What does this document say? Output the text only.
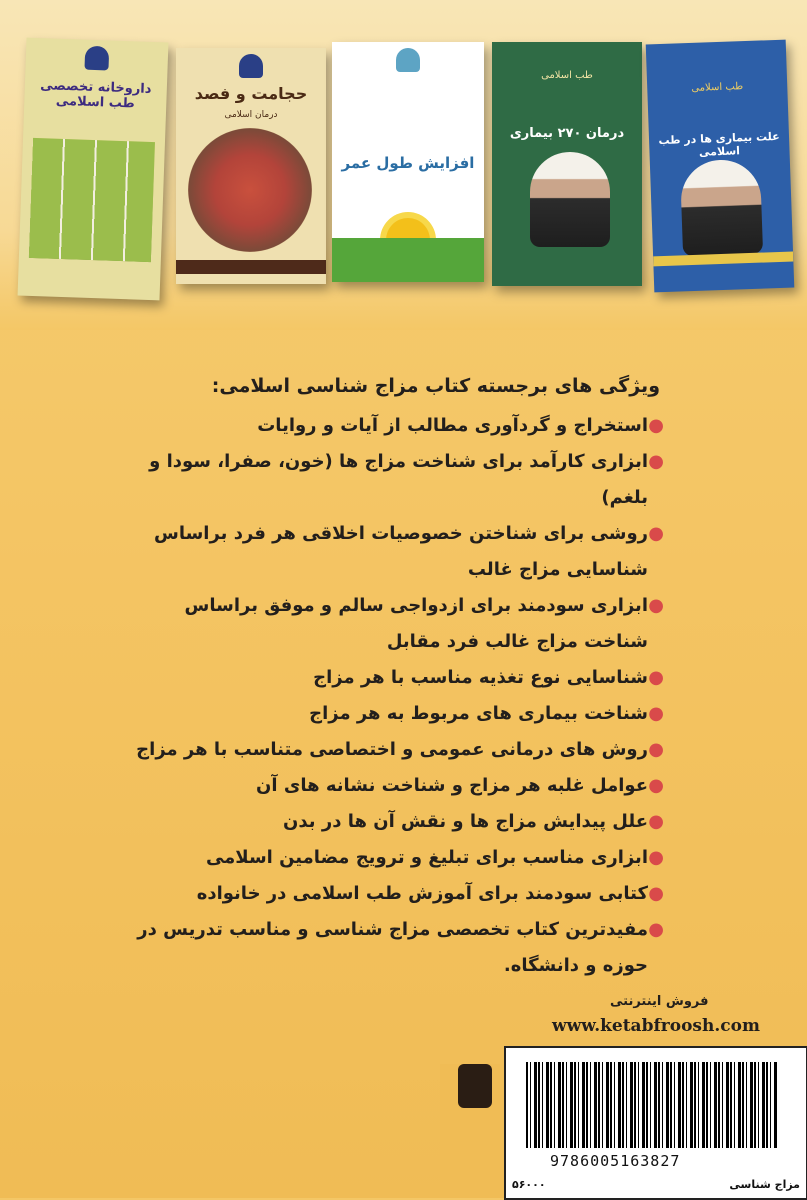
داروخانه تخصصی طب اسلامی	حجامت و فصد
درمان اسلامی
افزایش طول عمر
طب اسلامی
درمان ۲۷۰ بیماری
طب اسلامی
علت بیماری ها در طب اسلامی
ویژگی های برجسته کتاب مزاج شناسی اسلامی:
●
استخراج و گردآوری مطالب از آیات و روایات
●
ابزاری کارآمد برای شناخت مزاج ها (خون، صفرا، سودا و بلغم)
●
روشی برای شناختن خصوصیات اخلاقی هر فرد براساس شناسایی مزاج غالب
●
ابزاری سودمند برای ازدواجی سالم و موفق براساس شناخت مزاج غالب فرد مقابل
●
شناسایی نوع تغذیه مناسب با هر مزاج
●
شناخت بیماری های مربوط به هر مزاج
●
روش های درمانی عمومی و اختصاصی متناسب با هر مزاج
●
عوامل غلبه هر مزاج و شناخت نشانه های آن
●
علل پیدایش مزاج ها و نقش آن ها در بدن
●
ابزاری مناسب برای تبلیغ و ترویج مضامین اسلامی
●
کتابی سودمند برای آموزش طب اسلامی در خانواده
●
مفیدترین کتاب تخصصی مزاج شناسی و مناسب تدریس در حوزه و دانشگاه.
فروش اینترنتی
www.ketabfroosh.com
9786005163827
۵۶۰۰۰	مزاج شناسی
